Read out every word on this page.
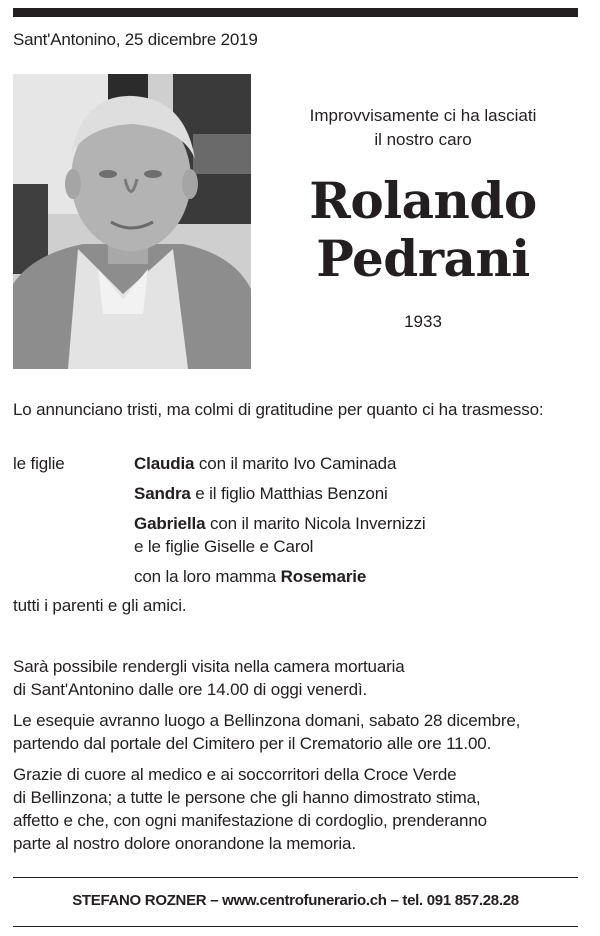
Sant'Antonino, 25 dicembre 2019
Improvvisamente ci ha lasciati
il nostro caro
Rolando
Pedrani
1933
Lo annunciano tristi, ma colmi di gratitudine per quanto ci ha trasmesso:
le figlie	Claudia con il marito Ivo Caminada
Sandra e il figlio Matthias Benzoni
Gabriella con il marito Nicola Invernizzi
e le figlie Giselle e Carol
con la loro mamma Rosemarie
tutti i parenti e gli amici.
Sarà possibile rendergli visita nella camera mortuaria
di Sant'Antonino dalle ore 14.00 di oggi venerdì.
Le esequie avranno luogo a Bellinzona domani, sabato 28 dicembre,
partendo dal portale del Cimitero per il Crematorio alle ore 11.00.
Grazie di cuore al medico e ai soccorritori della Croce Verde
di Bellinzona; a tutte le persone che gli hanno dimostrato stima,
affetto e che, con ogni manifestazione di cordoglio, prenderanno
parte al nostro dolore onorandone la memoria.
STEFANO ROZNER – www.centrofunerario.ch – tel. 091 857.28.28
